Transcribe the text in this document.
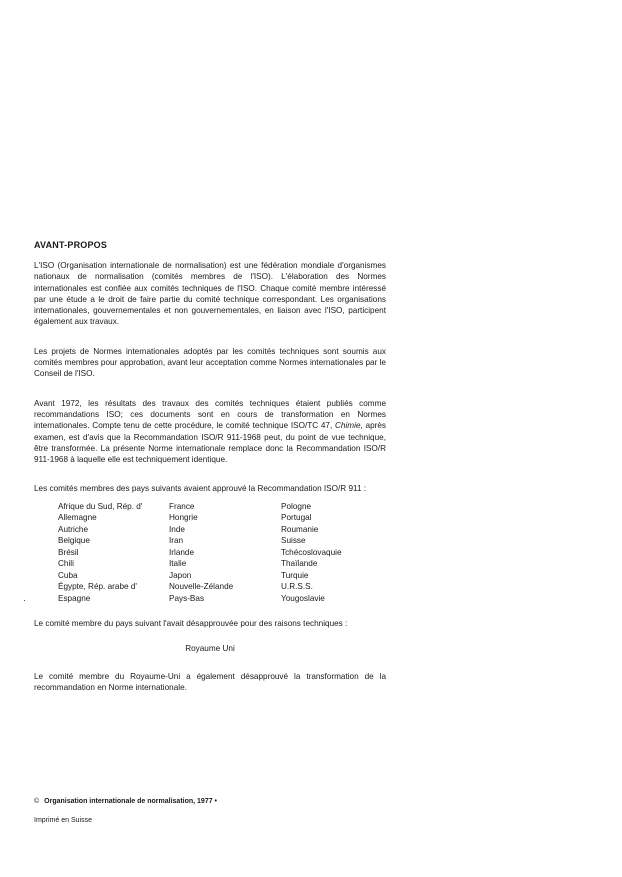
AVANT-PROPOS

L'ISO (Organisation internationale de normalisation) est une fédération mondiale d'organismes nationaux de normalisation (comités membres de l'ISO). L'élaboration des Normes internationales est confiée aux comités techniques de l'ISO. Chaque comité membre intéressé par une étude a le droit de faire partie du comité technique correspondant. Les organisations internationales, gouvernementales et non gouvernementales, en liaison avec l'ISO, participent également aux travaux.

Les projets de Normes internationales adoptés par les comités techniques sont soumis aux comités membres pour approbation, avant leur acceptation comme Normes internationales par le Conseil de l'ISO.

Avant 1972, les résultats des travaux des comités techniques étaient publiés comme recommandations ISO; ces documents sont en cours de transformation en Normes internationales. Compte tenu de cette procédure, le comité technique ISO/TC 47, Chimie, après examen, est d'avis que la Recommandation ISO/R 911-1968 peut, du point de vue technique, être transformée. La présente Norme internationale remplace donc la Recommandation ISO/R 911-1968 à laquelle elle est techniquement identique.

Les comités membres des pays suivants avaient approuvé la Recommandation ISO/R 911 :

Afrique du Sud, Rép. d'
Allemagne
Autriche
Belgique
Brésil
Chili
Cuba
Égypte, Rép. arabe d'
Espagne
France
Hongrie
Inde
Iran
Irlande
Italie
Japon
Nouvelle-Zélande
Pays-Bas
Pologne
Portugal
Roumanie
Suisse
Tchécoslovaquie
Thaïlande
Turquie
U.R.S.S.
Yougoslavie

Le comité membre du pays suivant l'avait désapprouvée pour des raisons techniques :

Royaume Uni

Le comité membre du Royaume-Uni a également désapprouvé la transformation de la recommandation en Norme internationale.

© Organisation internationale de normalisation, 1977 •
Imprimé en Suisse
